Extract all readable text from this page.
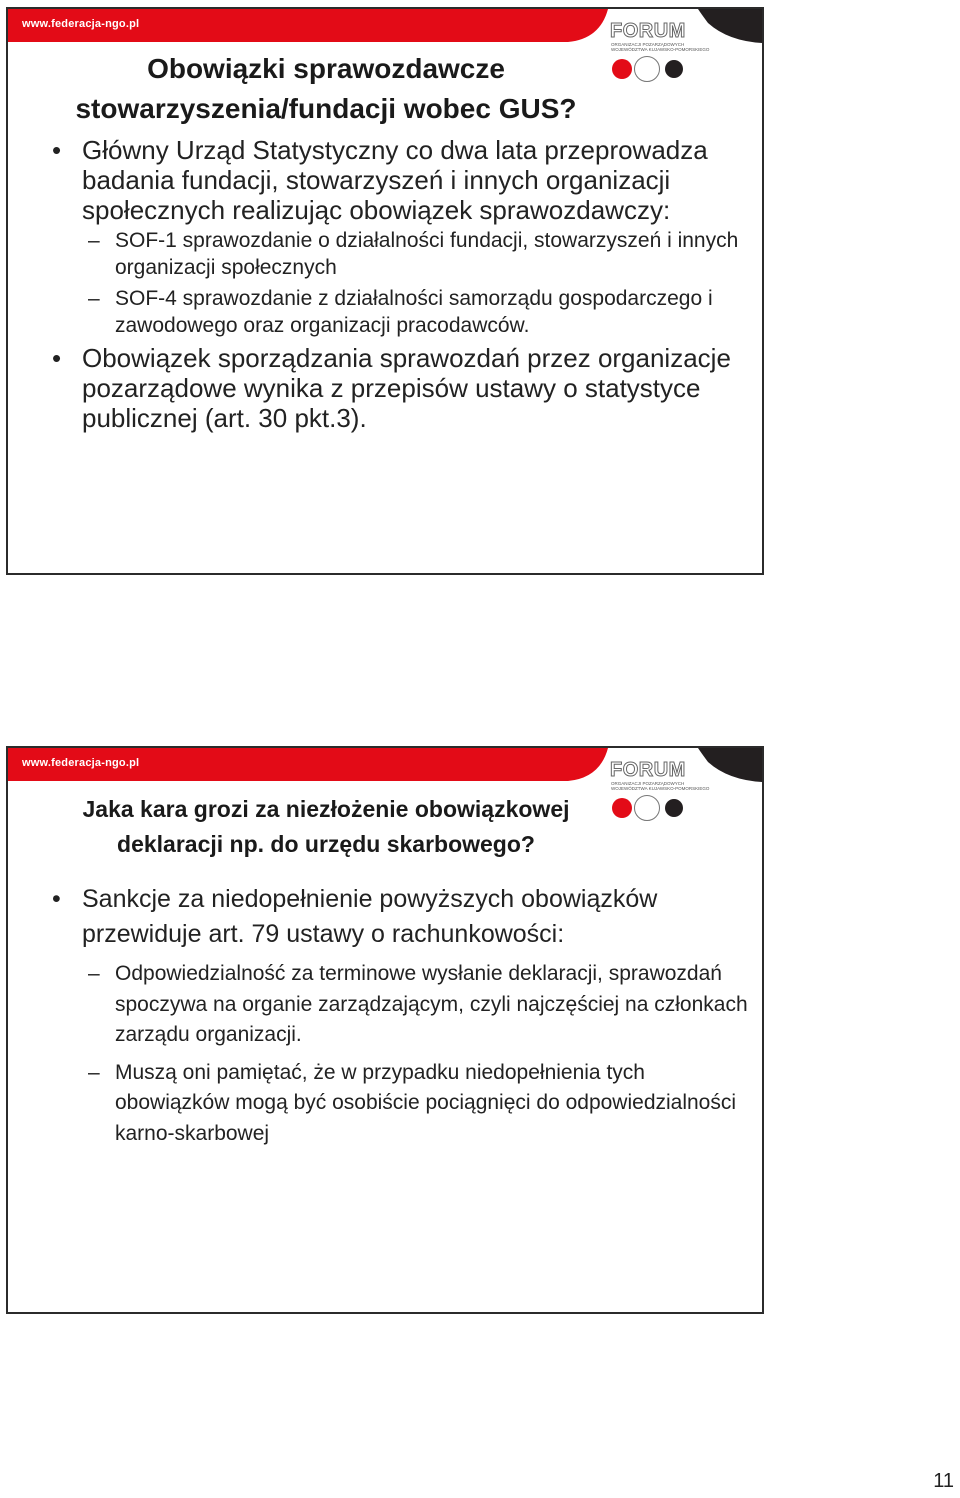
www.federacja-ngo.pl	FORUM
ORGANIZACJI POZARZĄDOWYCH
WOJEWÓDZTWA KUJAWSKO-POMORSKIEGO
Obowiązki sprawozdawcze
stowarzyszenia/fundacji wobec GUS?
• Główny Urząd Statystyczny co dwa lata przeprowadza badania fundacji, stowarzyszeń i innych organizacji społecznych realizując obowiązek sprawozdawczy:
– SOF-1 sprawozdanie o działalności fundacji, stowarzyszeń i innych organizacji społecznych
– SOF-4 sprawozdanie z działalności samorządu gospodarczego i zawodowego oraz organizacji pracodawców.
• Obowiązek sporządzania sprawozdań przez organizacje pozarządowe wynika z przepisów ustawy o statystyce publicznej (art. 30 pkt.3).
www.federacja-ngo.pl	FORUM
ORGANIZACJI POZARZĄDOWYCH
WOJEWÓDZTWA KUJAWSKO-POMORSKIEGO
Jaka kara grozi za niezłożenie obowiązkowej
deklaracji np. do urzędu skarbowego?
• Sankcje za niedopełnienie powyższych obowiązków przewiduje art. 79 ustawy o rachunkowości:
– Odpowiedzialność za terminowe wysłanie deklaracji, sprawozdań spoczywa na organie zarządzającym, czyli najczęściej na członkach zarządu organizacji.
– Muszą oni pamiętać, że w przypadku niedopełnienia tych obowiązków mogą być osobiście pociągnięci do odpowiedzialności karno-skarbowej
11
